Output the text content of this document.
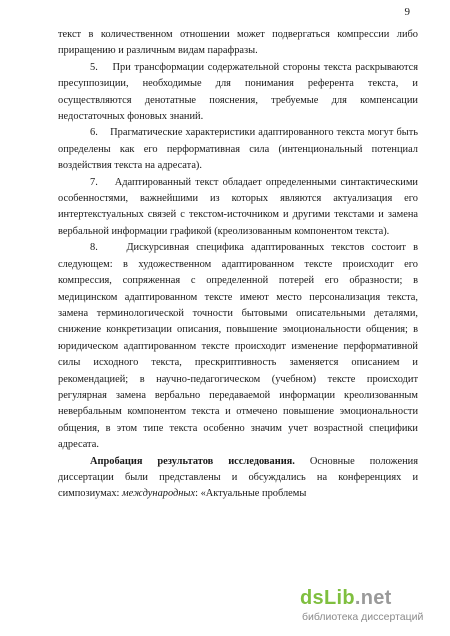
9

текст в количественном отношении может подвергаться компрессии либо приращению и различным видам парафразы.

5.    При трансформации содержательной стороны текста раскрываются пресуппозиции, необходимые для понимания референта текста, и осуществляются денотатные пояснения, требуемые для компенсации недостаточных фоновых знаний.

6.    Прагматические характеристики адаптированного текста могут быть определены как его перформативная сила (интенциональный потенциал воздействия текста на адресата).

7.    Адаптированный текст обладает определенными синтактическими особенностями, важнейшими из которых являются актуализация его интертекстуальных связей с текстом-источником и другими текстами и замена вербальной информации графикой (креолизованным компонентом текста).

8.    Дискурсивная специфика адаптированных текстов состоит в следующем: в художественном адаптированном тексте происходит его компрессия, сопряженная с определенной потерей его образности; в медицинском адаптированном тексте имеют место персонализация текста, замена терминологической точности бытовыми описательными деталями, снижение конкретизации описания, повышение эмоциональности общения; в юридическом адаптированном тексте происходит изменение перформативной силы исходного текста, прескриптивность заменяется описанием и рекомендацией; в научно-педагогическом (учебном) тексте происходит регулярная замена вербально передаваемой информации креолизованным невербальным компонентом текста и отмечено повышение эмоциональности общения, в этом типе текста особенно значим учет возрастной специфики адресата.

Апробация результатов исследования. Основные положения диссертации были представлены и обсуждались на конференциях и симпозиумах: международных: «Актуальные проблемы

dsLib.net
библиотека диссертаций
